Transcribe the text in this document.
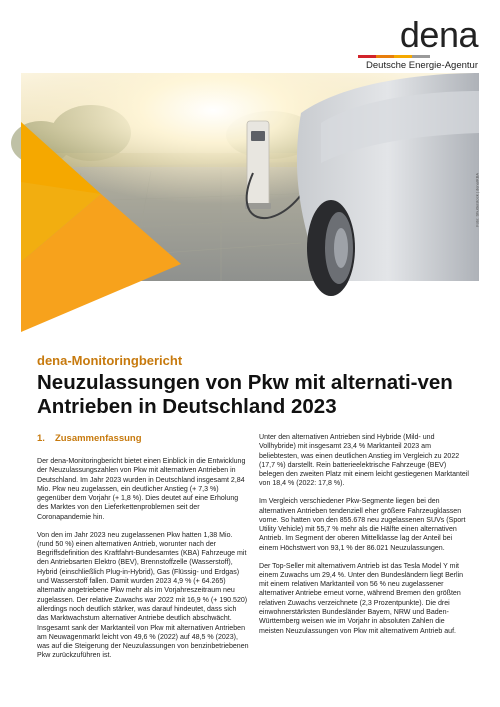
dena
Deutsche Energie-Agentur
Foto: Shutterstock | dena/KBA
dena-Monitoringbericht
Neuzulassungen von Pkw mit alternati-ven Antrieben in Deutschland 2023
1. Zusammenfassung

Der dena-Monitoringbericht bietet einen Einblick in die Entwicklung der Neuzulassungszahlen von Pkw mit alternativen Antrieben in Deutschland. Im Jahr 2023 wurden in Deutschland insgesamt 2,84 Mio. Pkw neu zugelassen, ein deutlicher Anstieg (+ 7,3 %) gegenüber dem Vorjahr (+ 1,8 %). Dies deutet auf eine Erholung des Marktes von den Lieferkettenproblemen seit der Coronapandemie hin.

Von den im Jahr 2023 neu zugelassenen Pkw hatten 1,38 Mio. (rund 50 %) einen alternativen Antrieb, worunter nach der Begriffsdefinition des Kraftfahrt-Bundesamtes (KBA) Fahrzeuge mit den Antriebsarten Elektro (BEV), Brennstoffzelle (Wasserstoff), Hybrid (einschließlich Plug-in-Hybrid), Gas (Flüssig- und Erdgas) und Wasserstoff fallen. Damit wurden 2023 4,9 % (+ 64.265) alternativ angetriebene Pkw mehr als im Vorjahreszeitraum neu zugelassen. Der relative Zuwachs war 2022 mit 16,9 % (+ 190.520) allerdings noch deutlich stärker, was darauf hindeutet, dass sich das Marktwachstum alternativer Antriebe deutlich abschwächt. Insgesamt sank der Marktanteil von Pkw mit alternativen Antrieben am Neuwagenmarkt leicht von 49,6 % (2022) auf 48,5 % (2023), was auf die Steigerung der Neuzulassungen von benzinbetriebenen Pkw zurückzuführen ist.

Unter den alternativen Antrieben sind Hybride (Mild- und Vollhybride) mit insgesamt 23,4 % Marktanteil 2023 am beliebtesten, was einen deutlichen Anstieg im Vergleich zu 2022 (17,7 %) darstellt. Rein batterieelektrische Fahrzeuge (BEV) belegen den zweiten Platz mit einem leicht gestiegenen Marktanteil von 18,4 % (2022: 17,8 %).

Im Vergleich verschiedener Pkw-Segmente liegen bei den alternativen Antrieben tendenziell eher größere Fahrzeugklassen vorne. So hatten von den 855.678 neu zugelassenen SUVs (Sport Utility Vehicle) mit 55,7 % mehr als die Hälfte einen alternativen Antrieb. Im Segment der oberen Mittelklasse lag der Anteil bei einem Höchstwert von 93,1 % der 86.021 Neuzulassungen.

Der Top-Seller mit alternativem Antrieb ist das Tesla Model Y mit einem Zuwachs um 29,4 %. Unter den Bundesländern liegt Berlin mit einem relativen Marktanteil von 56 % neu zugelassener alternativer Antriebe erneut vorne, während Bremen den größten relativen Zuwachs verzeichnete (2,3 Prozentpunkte). Die drei einwohnerstärksten Bundesländer Bayern, NRW und Baden-Württemberg weisen wie im Vorjahr in absoluten Zahlen die meisten Neuzulassungen von Pkw mit alternativem Antrieb auf.
